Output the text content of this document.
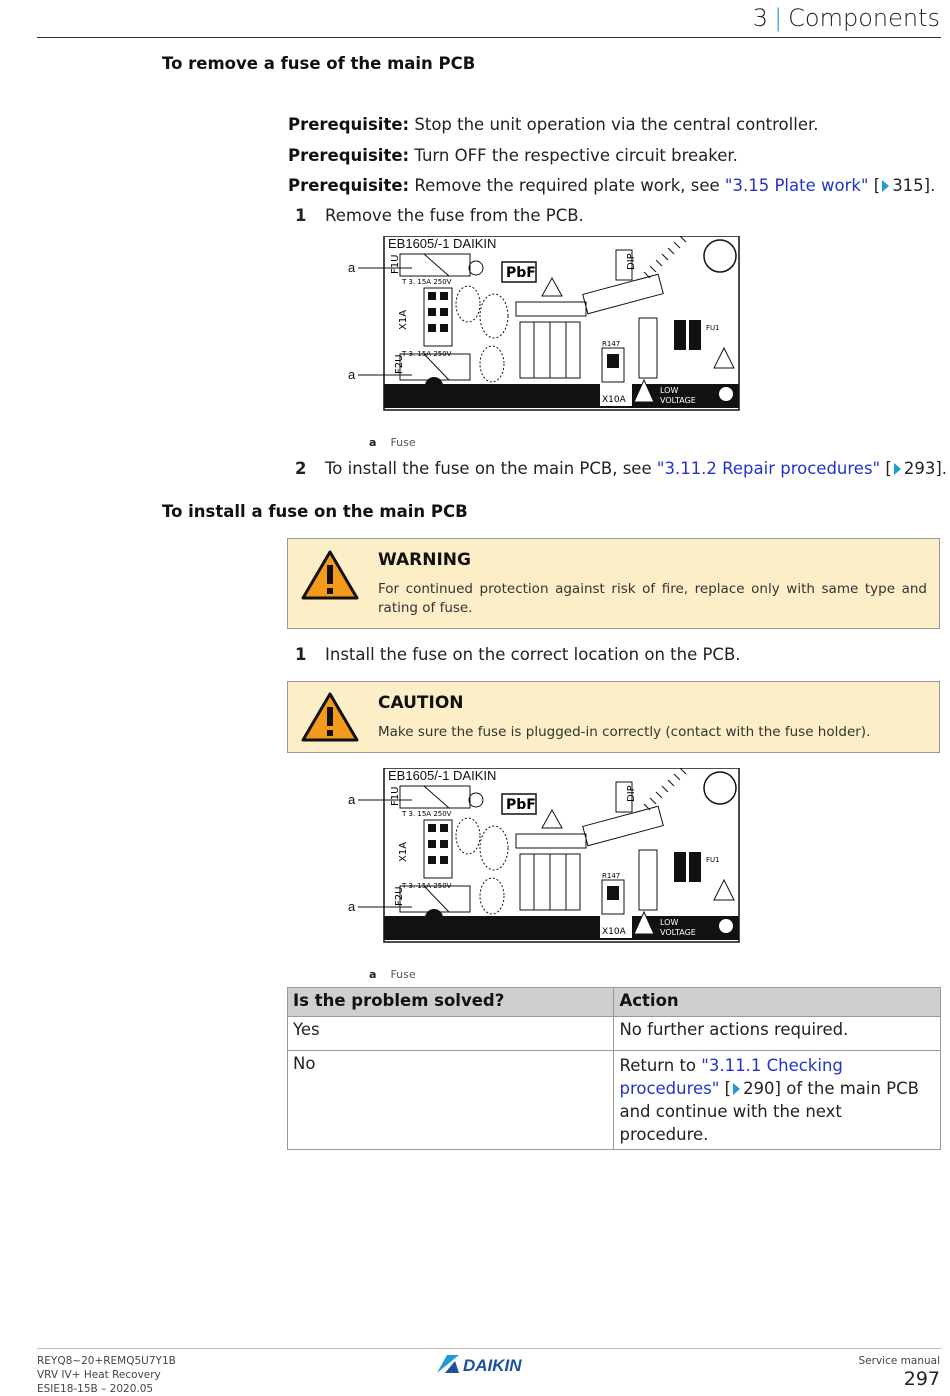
3 | Components
To remove a fuse of the main PCB
Prerequisite: Stop the unit operation via the central controller.
Prerequisite: Turn OFF the respective circuit breaker.
Prerequisite: Remove the required plate work, see "3.15 Plate work" [ 315].
1 Remove the fuse from the PCB.
EB1605/-1 DAIKIN
F1U
T 3. 15A 250V
X1A
F2U
T 3. 15A 250V
PbF
DIP
R147
FU1
X10A
LOW
VOLTAGE
a
a
a Fuse
2 To install the fuse on the main PCB, see "3.11.2 Repair procedures" [ 293].
To install a fuse on the main PCB
WARNING
For continued protection against risk of fire, replace only with same type and rating of fuse.
1 Install the fuse on the correct location on the PCB.
CAUTION
Make sure the fuse is plugged-in correctly (contact with the fuse holder).
EB1605/-1 DAIKIN
F1U
T 3. 15A 250V
X1A
F2U
T 3. 15A 250V
PbF
DIP
R147
FU1
X10A
LOW
VOLTAGE
a
a
a Fuse
Is the problem solved?	Action
Yes	No further actions required.
No	Return to "3.11.1 Checking procedures" [ 290] of the main PCB and continue with the next procedure.
REYQ8~20+REMQ5U7Y1B
VRV IV+ Heat Recovery
ESIE18-15B – 2020.05
DAIKIN	Service manual
297
